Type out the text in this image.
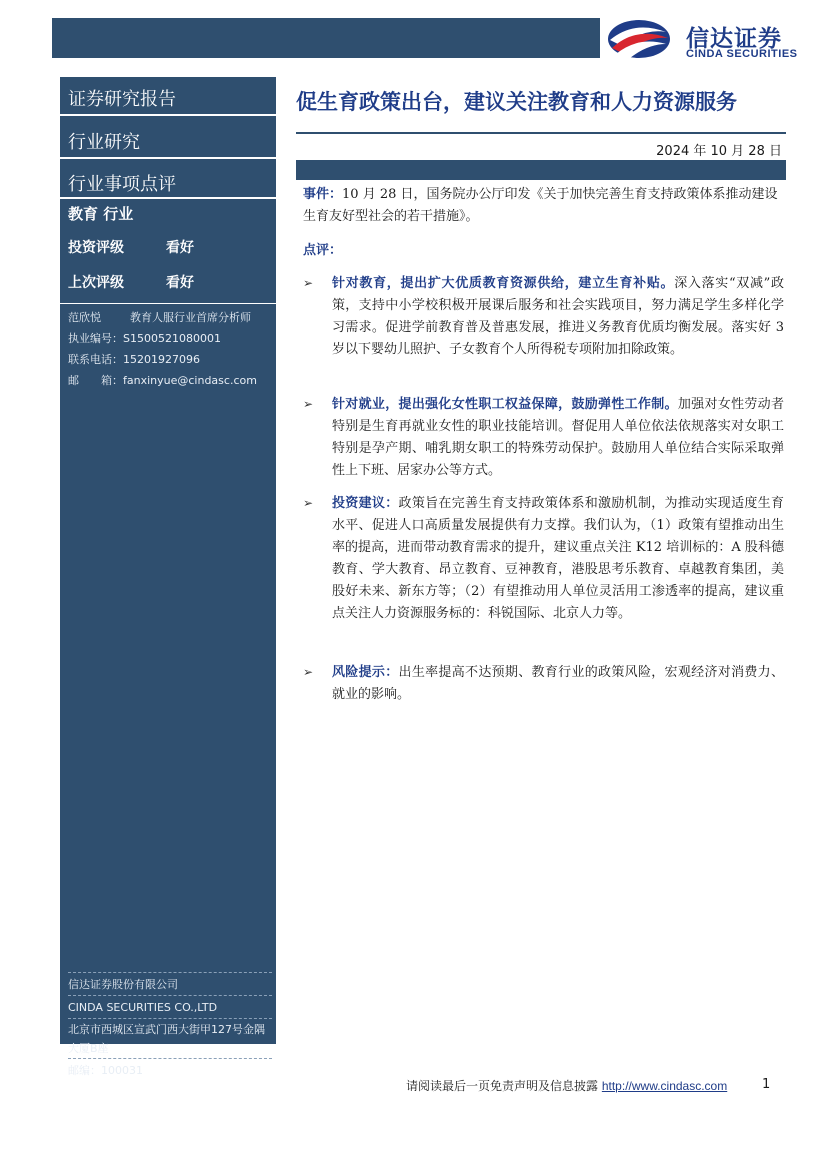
信达证券
CINDA SECURITIES
证券研究报告
行业研究
行业事项点评
教育 行业
投资评级	看好
上次评级	看好
范欣悦	教育人服行业首席分析师
执业编号：S1500521080001
联系电话：15201927096
邮　　箱：fanxinyue@cindasc.com
信达证券股份有限公司
CINDA SECURITIES CO.,LTD
北京市西城区宣武门西大街甲127号金隅大厦B座
邮编：100031
促生育政策出台，建议关注教育和人力资源服务
2024 年 10 月 28 日
事件：10 月 28 日，国务院办公厅印发《关于加快完善生育支持政策体系推动建设生育友好型社会的若干措施》。
点评：
➢ 针对教育，提出扩大优质教育资源供给，建立生育补贴。深入落实“双减”政策，支持中小学校积极开展课后服务和社会实践项目，努力满足学生多样化学习需求。促进学前教育普及普惠发展，推进义务教育优质均衡发展。落实好 3 岁以下婴幼儿照护、子女教育个人所得税专项附加扣除政策。
➢ 针对就业，提出强化女性职工权益保障，鼓励弹性工作制。加强对女性劳动者特别是生育再就业女性的职业技能培训。督促用人单位依法依规落实对女职工特别是孕产期、哺乳期女职工的特殊劳动保护。鼓励用人单位结合实际采取弹性上下班、居家办公等方式。
➢ 投资建议：政策旨在完善生育支持政策体系和激励机制，为推动实现适度生育水平、促进人口高质量发展提供有力支撑。我们认为，（1）政策有望推动出生率的提高，进而带动教育需求的提升，建议重点关注 K12 培训标的：A 股科德教育、学大教育、昂立教育、豆神教育，港股思考乐教育、卓越教育集团，美股好未来、新东方等；（2）有望推动用人单位灵活用工渗透率的提高，建议重点关注人力资源服务标的：科锐国际、北京人力等。
➢ 风险提示：出生率提高不达预期、教育行业的政策风险，宏观经济对消费力、就业的影响。
请阅读最后一页免责声明及信息披露 http://www.cindasc.com	1
